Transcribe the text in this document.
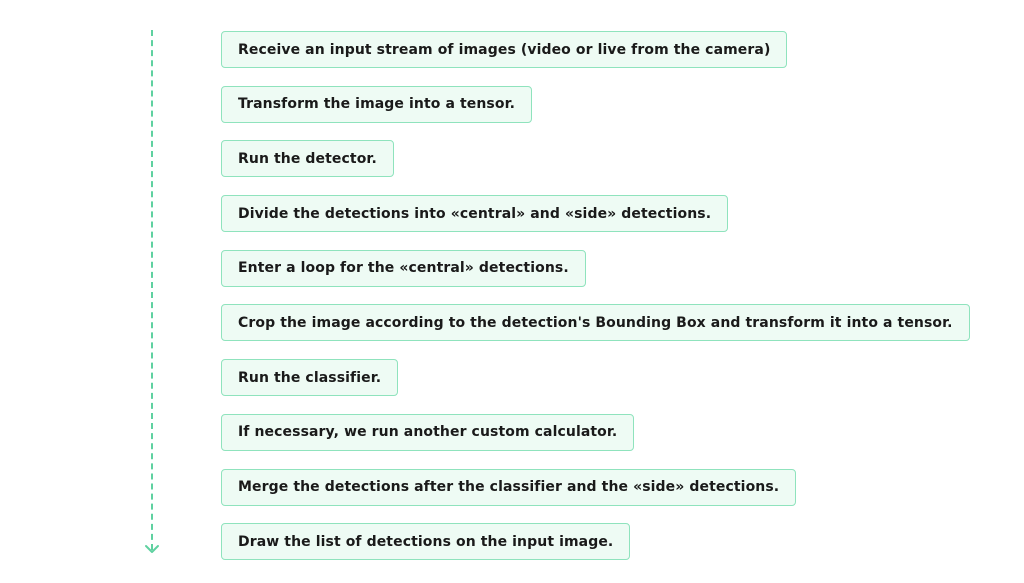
Receive an input stream of images (video or live from the camera)
Transform the image into a tensor.
Run the detector.
Divide the detections into «central» and «side» detections.
Enter a loop for the «central» detections.
Crop the image according to the detection's Bounding Box and transform it into a tensor.
Run the classifier.
If necessary, we run another custom calculator.
Merge the detections after the classifier and the «side» detections.
Draw the list of detections on the input image.
